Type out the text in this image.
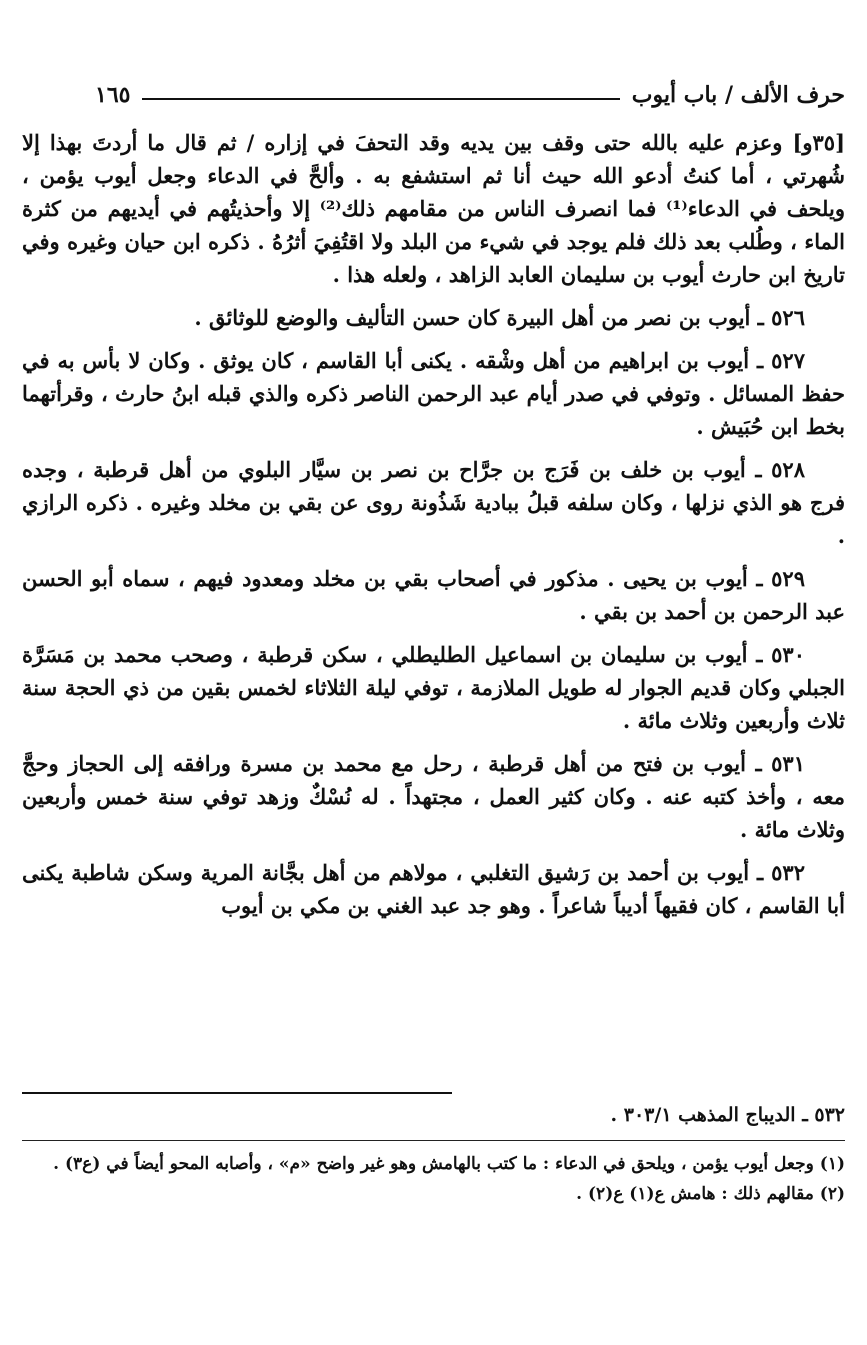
حرف الألف / باب أيوب
١٦٥

[٣٥و] وعزم عليه بالله حتى وقف بين يديه وقد التحفَ في إزاره / ثم قال ما أردتَ بهذا إلا شُهرتي ، أما كنتُ أدعو الله حيث أنا ثم استشفع به . وألحَّ في الدعاء وجعل أيوب يؤمن ، ويلحف في الدعاء⁽¹⁾ فما انصرف الناس من مقامهم ذلك⁽²⁾ إلا وأحذيتُهم في أيديهم من كثرة الماء ، وطُلب بعد ذلك فلم يوجد في شيء من البلد ولا اقتُفِيَ أثرُهُ . ذكره ابن حيان وغيره وفي تاريخ ابن حارث أيوب بن سليمان العابد الزاهد ، ولعله هذا .

٥٢٦ ـ أيوب بن نصر من أهل البيرة كان حسن التأليف والوضع للوثائق .

٥٢٧ ـ أيوب بن ابراهيم من أهل وشْقه . يكنى أبا القاسم ، كان يوثق . وكان لا بأس به في حفظ المسائل . وتوفي في صدر أيام عبد الرحمن الناصر ذكره والذي قبله ابنُ حارث ، وقرأتهما بخط ابن حُبَيش .

٥٢٨ ـ أيوب بن خلف بن فَرَج بن جرَّاح بن نصر بن سيَّار البلوي من أهل قرطبة ، وجده فرج هو الذي نزلها ، وكان سلفه قبلُ ببادية شَذُونة روى عن بقي بن مخلد وغيره . ذكره الرازي .

٥٢٩ ـ أيوب بن يحيى . مذكور في أصحاب بقي بن مخلد ومعدود فيهم ، سماه أبو الحسن عبد الرحمن بن أحمد بن بقي .

٥٣٠ ـ أيوب بن سليمان بن اسماعيل الطليطلي ، سكن قرطبة ، وصحب محمد بن مَسَرَّة الجبلي وكان قديم الجوار له طويل الملازمة ، توفي ليلة الثلاثاء لخمس بقين من ذي الحجة سنة ثلاث وأربعين وثلاث مائة .

٥٣١ ـ أيوب بن فتح من أهل قرطبة ، رحل مع محمد بن مسرة ورافقه إلى الحجاز وحجَّ معه ، وأخذ كتبه عنه . وكان كثير العمل ، مجتهداً . له نُسْكٌ وزهد توفي سنة خمس وأربعين وثلاث مائة .

٥٣٢ ـ أيوب بن أحمد بن رَشيق التغلبي ، مولاهم من أهل بجَّانة المرية وسكن شاطبة يكنى أبا القاسم ، كان فقيهاً أديباً شاعراً . وهو جد عبد الغني بن مكي بن أيوب

٥٣٢ ـ الديباج المذهب ٣٠٣/١ .

(١) وجعل أيوب يؤمن ، ويلحق في الدعاء : ما كتب بالهامش وهو غير واضح «م» ، وأصابه المحو أيضاً في (ع٣) .

(٢) مقالهم ذلك : هامش ع(١) ع(٢) .
